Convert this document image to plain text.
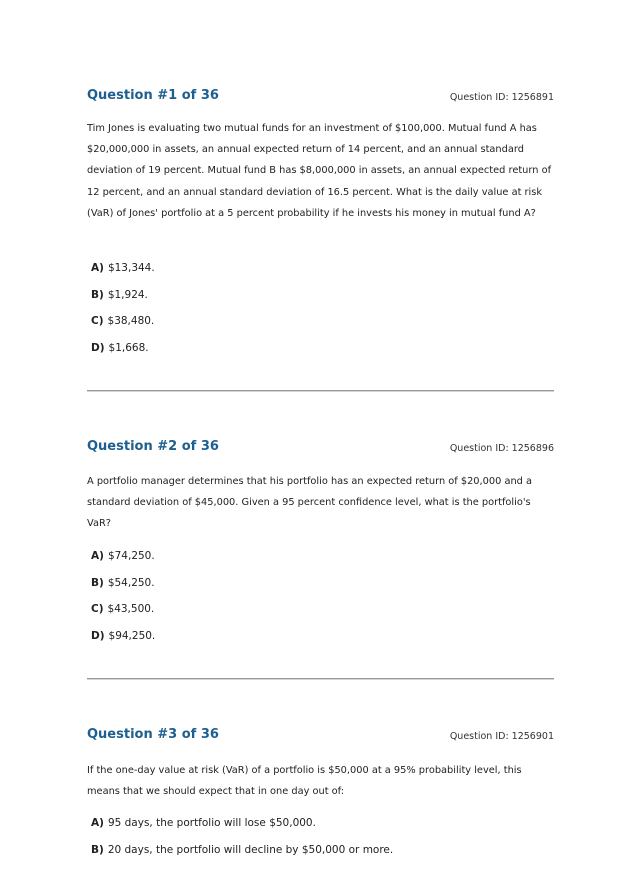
Question #1 of 36	Question ID: 1256891
Tim Jones is evaluating two mutual funds for an investment of $100,000. Mutual fund A has $20,000,000 in assets, an annual expected return of 14 percent, and an annual standard deviation of 19 percent. Mutual fund B has $8,000,000 in assets, an annual expected return of 12 percent, and an annual standard deviation of 16.5 percent. What is the daily value at risk (VaR) of Jones' portfolio at a 5 percent probability if he invests his money in mutual fund A?
A) $13,344.
B) $1,924.
C) $38,480.
D) $1,668.
Question #2 of 36	Question ID: 1256896
A portfolio manager determines that his portfolio has an expected return of $20,000 and a standard deviation of $45,000. Given a 95 percent confidence level, what is the portfolio's VaR?
A) $74,250.
B) $54,250.
C) $43,500.
D) $94,250.
Question #3 of 36	Question ID: 1256901
If the one-day value at risk (VaR) of a portfolio is $50,000 at a 95% probability level, this means that we should expect that in one day out of:
A) 95 days, the portfolio will lose $50,000.
B) 20 days, the portfolio will decline by $50,000 or more.
